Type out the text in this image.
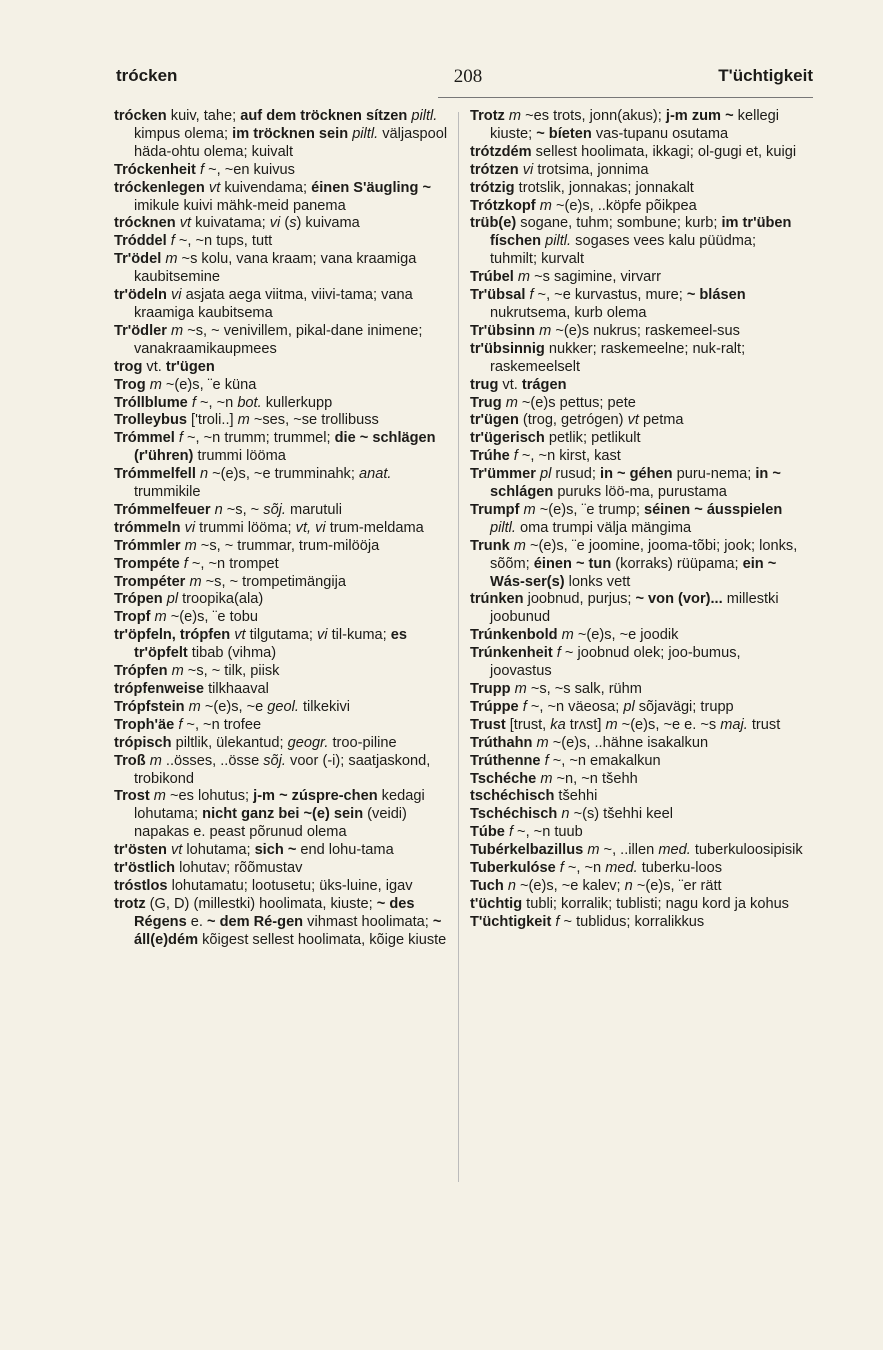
trócken	208	T'üchtigkeit

trócken kuiv, tahe; auf dem tröcknen sítzen piltl. kimpus olema; im tröcknen sein piltl. väljaspool häda-ohtu olema; kuivalt

Tróckenheit f ~, ~en kuivus

tróckenlegen vt kuivendama; éinen S'äugling ~ imikule kuivi mähk-meid panema

trócknen vt kuivatama; vi (s) kuivama

Tróddel f ~, ~n tups, tutt

Tr'ödel m ~s kolu, vana kraam; vana kraamiga kaubitsemine

tr'ödeln vi asjata aega viitma, viivi-tama; vana kraamiga kaubitsema

Tr'ödler m ~s, ~ venivillem, pikal-dane inimene; vanakraamikaupmees

trog vt. tr'ügen

Trog m ~(e)s, ¨e küna

Tróllblume f ~, ~n bot. kullerkupp

Trolleybus ['troli..] m ~ses, ~se trollibuss

Trómmel f ~, ~n trumm; trummel; die ~ schlägen (r'ühren) trummi lööma

Trómmelfell n ~(e)s, ~e trumminahk; anat. trummikile

Trómmelfeuer n ~s, ~ sõj. marutuli

trómmeln vi trummi lööma; vt, vi trum-meldama

Trómmler m ~s, ~ trummar, trum-milööja

Trompéte f ~, ~n trompet

Trompéter m ~s, ~ trompetimängija

Trópen pl troopika(ala)

Tropf m ~(e)s, ¨e tobu

tr'öpfeln, trópfen vt tilgutama; vi til-kuma; es tr'öpfelt tibab (vihma)

Trópfen m ~s, ~ tilk, piisk

trópfenweise tilkhaaval

Trópfstein m ~(e)s, ~e geol. tilkekivi

Troph'äe f ~, ~n trofee

trópisch piltlik, ülekantud; geogr. troo-piline

Troß m ..össes, ..össe sõj. voor (-i); saatjaskond, trobikond

Trost m ~es lohutus; j-m ~ zúspre-chen kedagi lohutama; nicht ganz bei ~(e) sein (veidi) napakas e. peast põrunud olema

tr'östen vt lohutama; sich ~ end lohu-tama

tr'östlich lohutav; rõõmustav

tróstlos lohutamatu; lootusetu; üks-luine, igav

trotz (G, D) (millestki) hoolimata, kiuste; ~ des Régens e. ~ dem Ré-gen vihmast hoolimata; ~ áll(e)dém kõigest sellest hoolimata, kõige kiuste

Trotz m ~es trots, jonn(akus); j-m zum ~ kellegi kiuste; ~ bíeten vas-tupanu osutama

trótzdém sellest hoolimata, ikkagi; ol-gugi et, kuigi

trótzen vi trotsima, jonnima

trótzig trotslik, jonnakas; jonnakalt

Trótzkopf m ~(e)s, ..köpfe põikpea

trüb(e) sogane, tuhm; sombune; kurb; im tr'üben físchen piltl. sogases vees kalu püüdma; tuhmilt; kurvalt

Trúbel m ~s sagimine, virvarr

Tr'übsal f ~, ~e kurvastus, mure; ~ blásen nukrutsema, kurb olema

Tr'übsinn m ~(e)s nukrus; raskemeel-sus

tr'übsinnig nukker; raskemeelne; nuk-ralt; raskemeelselt

trug vt. trágen

Trug m ~(e)s pettus; pete

tr'ügen (trog, getrógen) vt petma

tr'ügerisch petlik; petlikult

Trúhe f ~, ~n kirst, kast

Tr'ümmer pl rusud; in ~ géhen puru-nema; in ~ schlágen puruks löö-ma, purustama

Trumpf m ~(e)s, ¨e trump; séinen ~ áusspielen piltl. oma trumpi välja mängima

Trunk m ~(e)s, ¨e joomine, jooma-tõbi; jook; lonks, sõõm; éinen ~ tun (korraks) rüüpama; ein ~ Wás-ser(s) lonks vett

trúnken joobnud, purjus; ~ von (vor)... millestki joobunud

Trúnkenbold m ~(e)s, ~e joodik

Trúnkenheit f ~ joobnud olek; joo-bumus, joovastus

Trupp m ~s, ~s salk, rühm

Trúppe f ~, ~n väeosa; pl sõjavägi; trupp

Trust [trust, ka trʌst] m ~(e)s, ~e e. ~s maj. trust

Trúthahn m ~(e)s, ..hähne isakalkun

Trúthenne f ~, ~n emakalkun

Tschéche m ~n, ~n tšehh

tschéchisch tšehhi

Tschéchisch n ~(s) tšehhi keel

Túbe f ~, ~n tuub

Tubérkelbazillus m ~, ..illen med. tuberkuloosipisik

Tuberkulóse f ~, ~n med. tuberku-loos

Tuch n ~(e)s, ~e kalev; n ~(e)s, ¨er rätt

t'üchtig tubli; korralik; tublisti; nagu kord ja kohus

T'üchtigkeit f ~ tublidus; korralikkus
